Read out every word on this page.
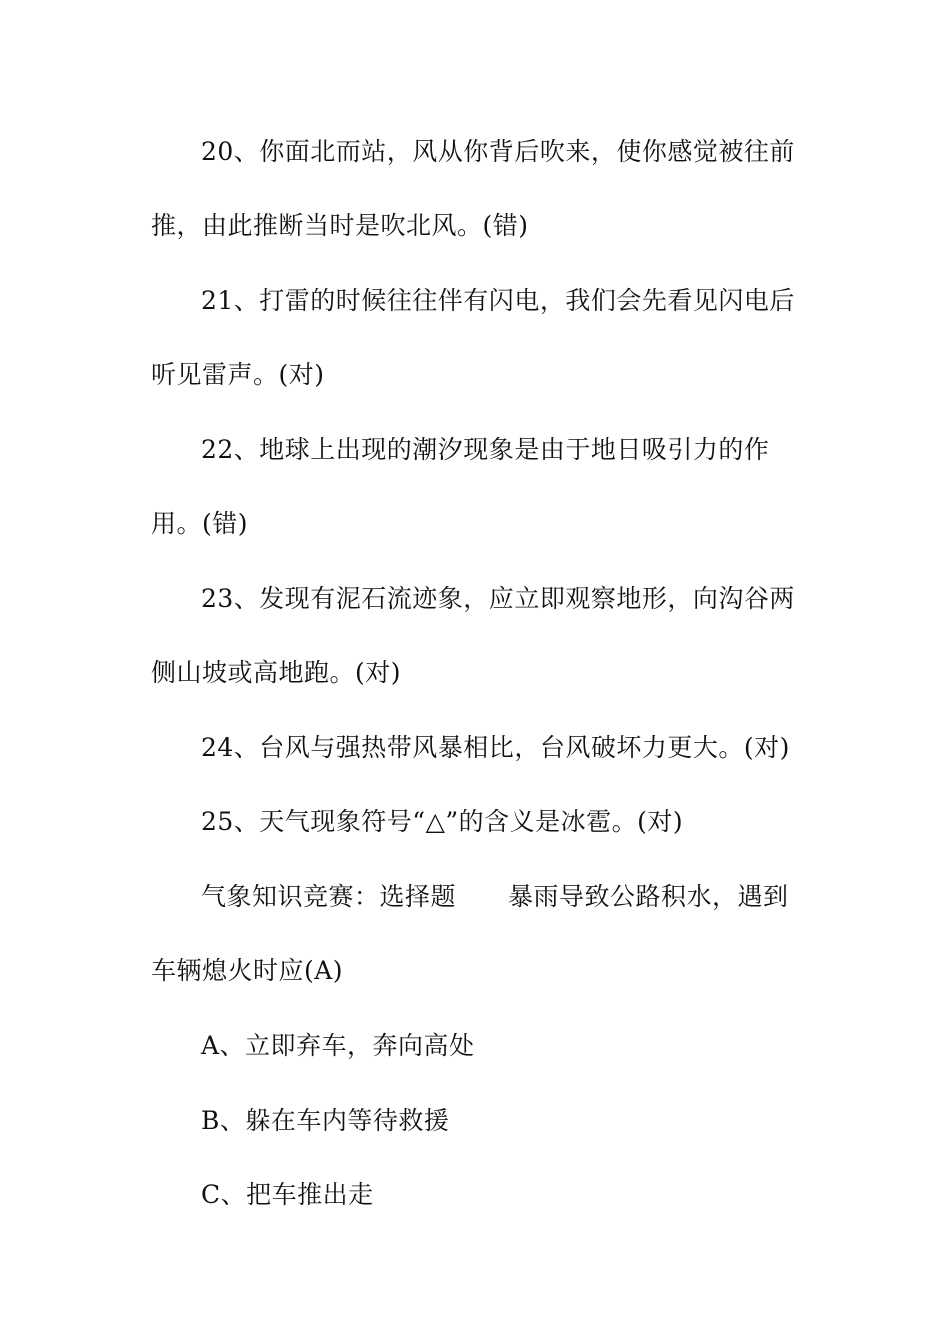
20、你面北而站，风从你背后吹来，使你感觉被往前
推，由此推断当时是吹北风。(错)
21、打雷的时候往往伴有闪电，我们会先看见闪电后
听见雷声。(对)
22、地球上出现的潮汐现象是由于地日吸引力的作
用。(错)
23、发现有泥石流迹象，应立即观察地形，向沟谷两
侧山坡或高地跑。(对)
24、台风与强热带风暴相比，台风破坏力更大。(对)
25、天气现象符号“△”的含义是冰雹。(对)
气象知识竞赛：选择题 暴雨导致公路积水，遇到
车辆熄火时应(A)
A、立即弃车，奔向高处
B、躲在车内等待救援
C、把车推出走
